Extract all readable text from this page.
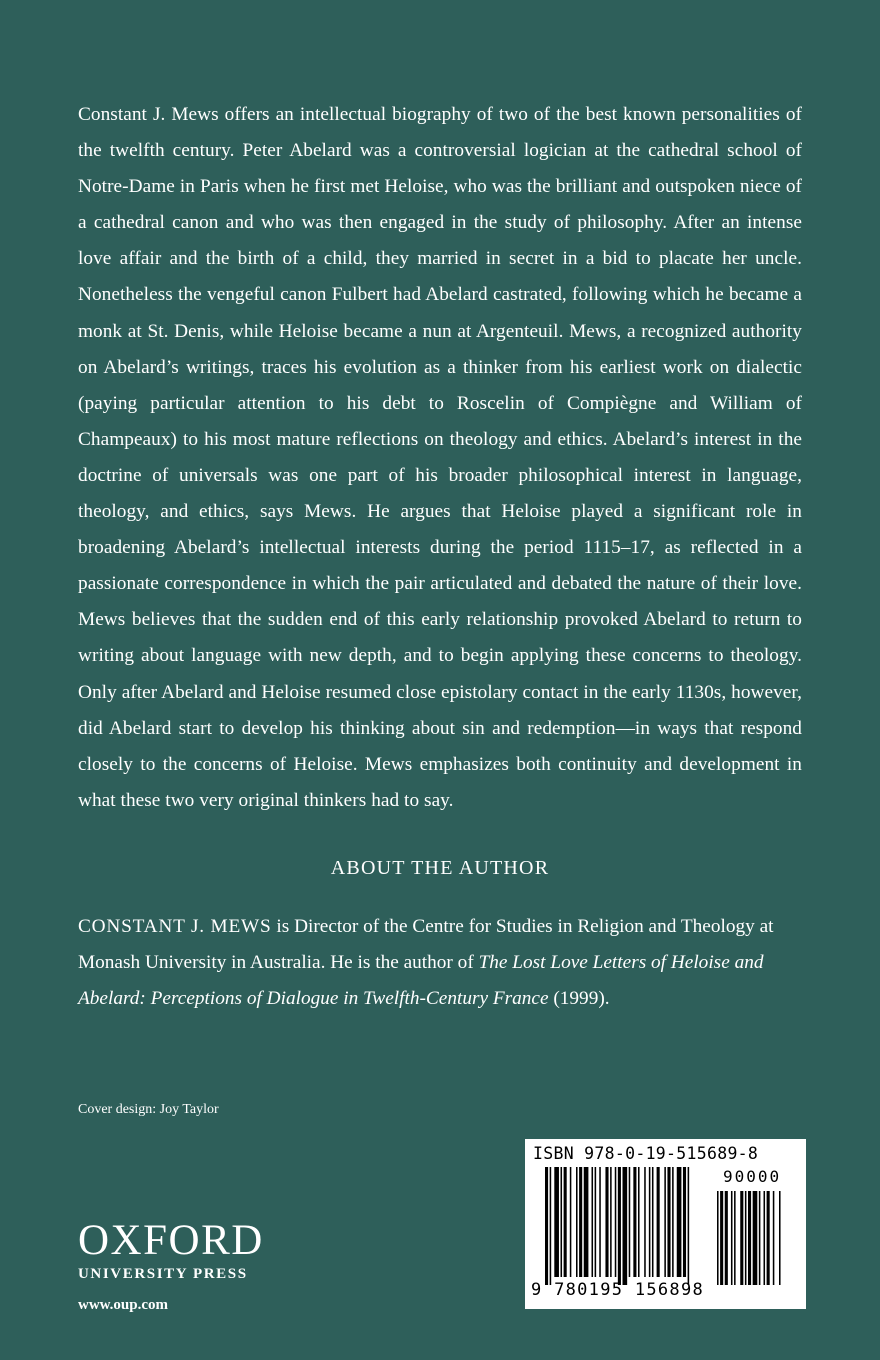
Constant J. Mews offers an intellectual biography of two of the best known personalities of the twelfth century. Peter Abelard was a controversial logician at the cathedral school of Notre-Dame in Paris when he first met Heloise, who was the brilliant and outspoken niece of a cathedral canon and who was then engaged in the study of philosophy. After an intense love affair and the birth of a child, they married in secret in a bid to placate her uncle. Nonetheless the vengeful canon Fulbert had Abelard castrated, following which he became a monk at St. Denis, while Heloise became a nun at Argenteuil. Mews, a recognized authority on Abelard’s writings, traces his evolution as a thinker from his earliest work on dialectic (paying particular attention to his debt to Roscelin of Compiègne and William of Champeaux) to his most mature reflections on theology and ethics. Abelard’s interest in the doctrine of universals was one part of his broader philosophical interest in language, theology, and ethics, says Mews. He argues that Heloise played a significant role in broadening Abelard’s intellectual interests during the period 1115–17, as reflected in a passionate correspondence in which the pair articulated and debated the nature of their love. Mews believes that the sudden end of this early relationship provoked Abelard to return to writing about language with new depth, and to begin applying these concerns to theology. Only after Abelard and Heloise resumed close epistolary contact in the early 1130s, however, did Abelard start to develop his thinking about sin and redemption—in ways that respond closely to the concerns of Heloise. Mews emphasizes both continuity and development in what these two very original thinkers had to say.

ABOUT THE AUTHOR

CONSTANT J. MEWS is Director of the Centre for Studies in Religion and Theology at Monash University in Australia. He is the author of The Lost Love Letters of Heloise and Abelard: Perceptions of Dialogue in Twelfth-Century France (1999).

Cover design: Joy Taylor

OXFORD
UNIVERSITY PRESS
www.oup.com
ISBN 978-0-19-515689-8
90000
9 780195 156898
